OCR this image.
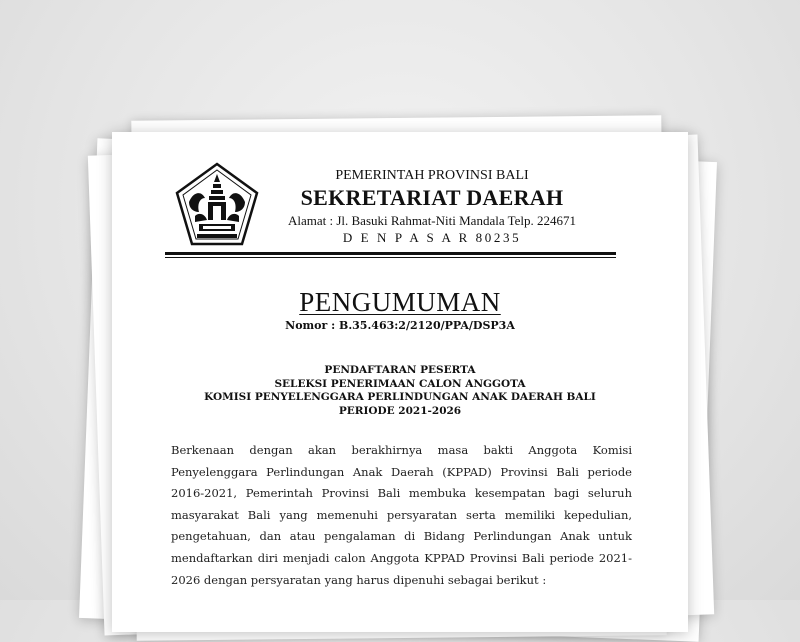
PEMERINTAH PROVINSI BALI
SEKRETARIAT DAERAH
Alamat : Jl. Basuki Rahmat-Niti Mandala Telp. 224671
D E N P A S A R 80235
PENGUMUMAN
Nomor : B.35.463:2/2120/PPA/DSP3A
PENDAFTARAN PESERTA
SELEKSI PENERIMAAN CALON ANGGOTA
KOMISI PENYELENGGARA PERLINDUNGAN ANAK DAERAH BALI
PERIODE 2021-2026

Berkenaan dengan akan berakhirnya masa bakti Anggota Komisi Penyelenggara Perlindungan Anak Daerah (KPPAD) Provinsi Bali periode 2016-2021, Pemerintah Provinsi Bali membuka kesempatan bagi seluruh masyarakat Bali yang memenuhi persyaratan serta memiliki kepedulian, pengetahuan, dan atau pengalaman di Bidang Perlindungan Anak untuk mendaftarkan diri menjadi calon Anggota KPPAD Provinsi Bali periode 2021-2026 dengan persyaratan yang harus dipenuhi sebagai berikut :
